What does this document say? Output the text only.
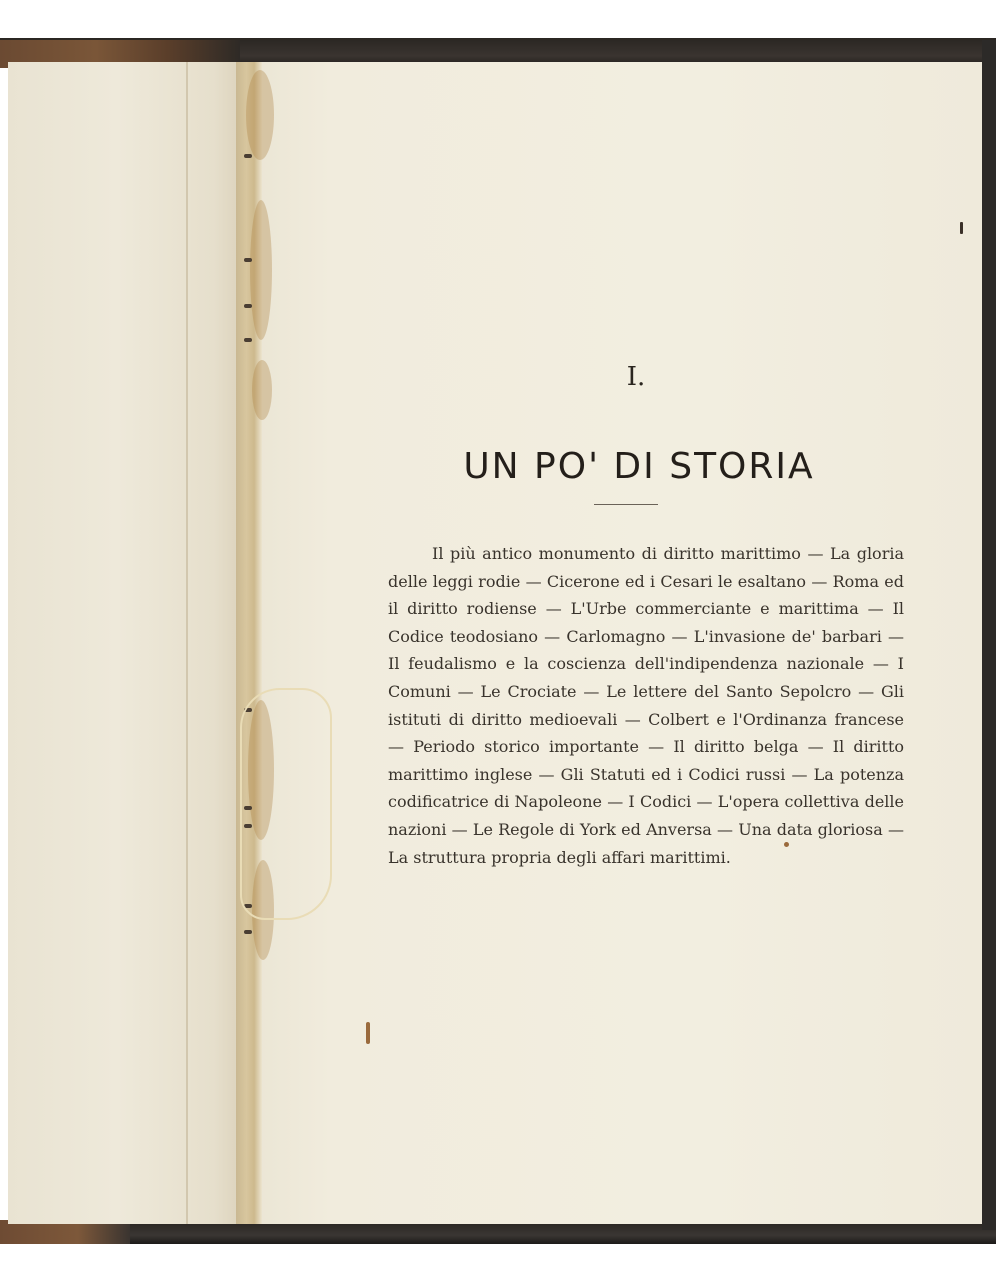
I.
UN PO' DI STORIA

Il più antico monumento di diritto marittimo — La gloria delle leggi rodie — Cicerone ed i Cesari le esaltano — Roma ed il diritto rodiense — L'Urbe commerciante e marittima — Il Codice teodosiano — Carlomagno — L'invasione de' barbari — Il feudalismo e la coscienza dell'indipendenza nazionale — I Comuni — Le Crociate — Le lettere del Santo Sepolcro — Gli istituti di diritto medioevali — Colbert e l'Ordinanza francese — Periodo storico importante — Il diritto belga — Il diritto marittimo inglese — Gli Statuti ed i Codici russi — La potenza codificatrice di Napoleone — I Codici — L'opera collettiva delle nazioni — Le Regole di York ed Anversa — Una data gloriosa — La struttura propria degli affari marittimi.
